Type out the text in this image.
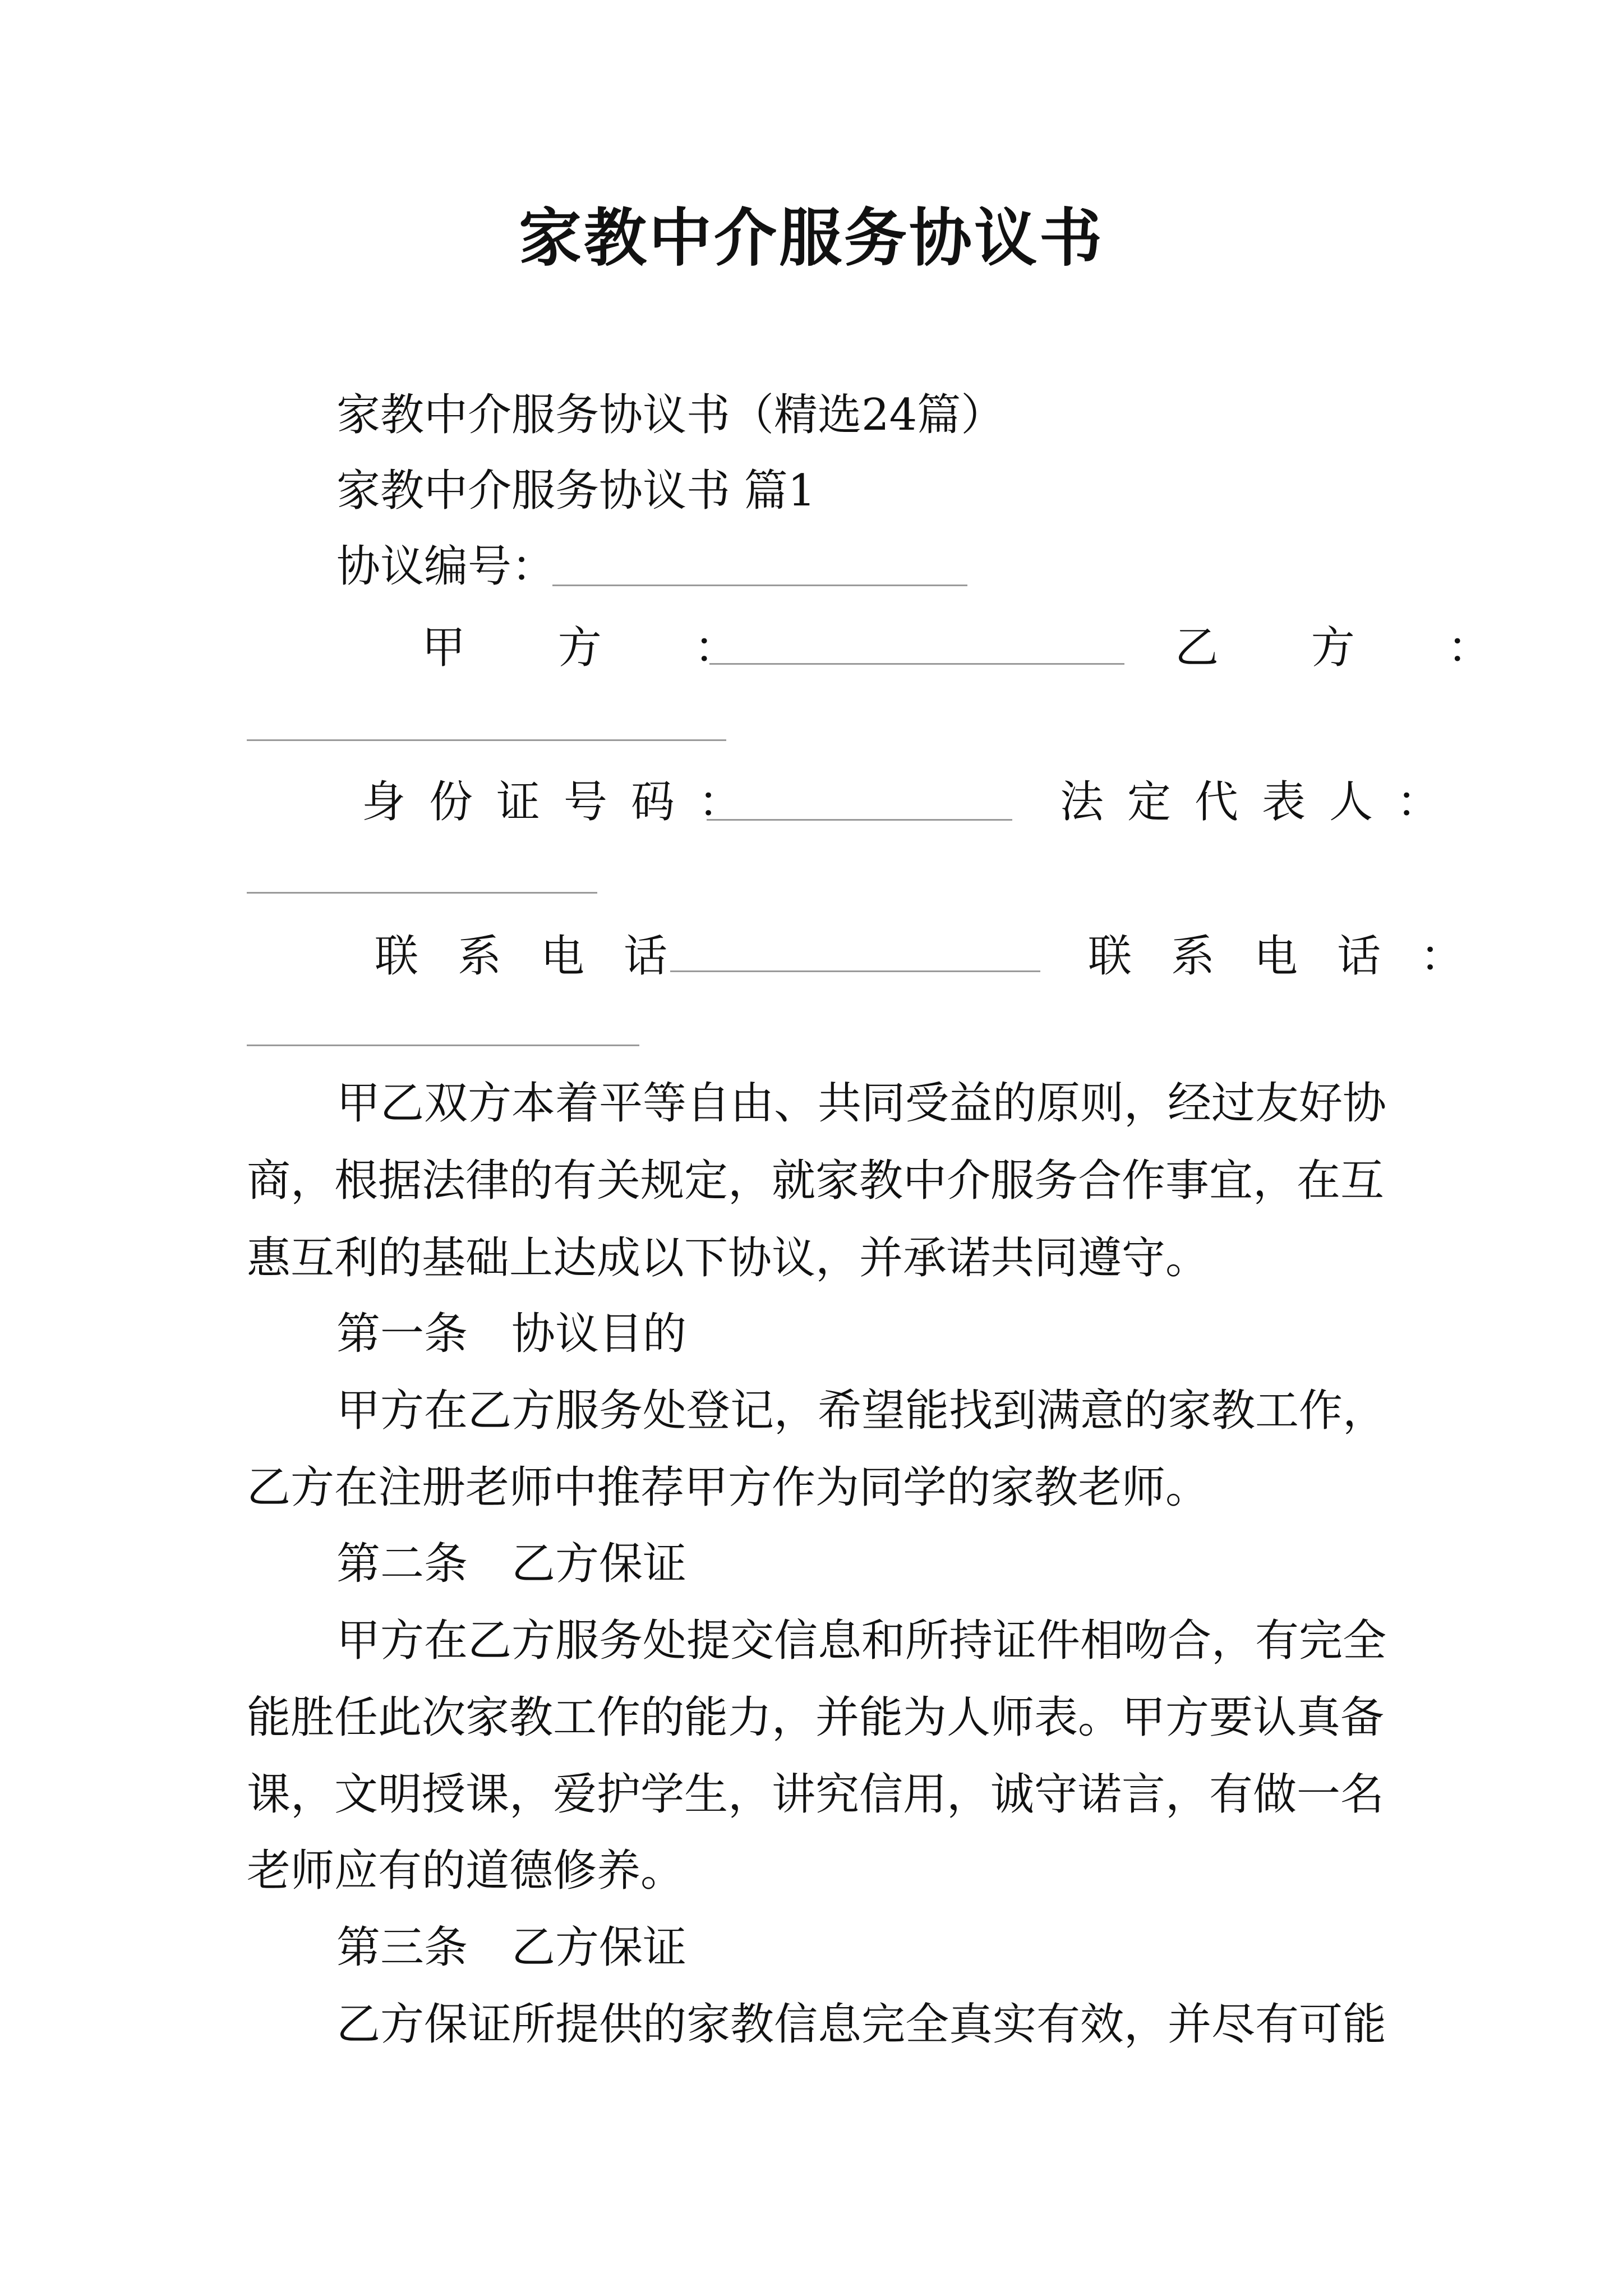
家教中介服务协议书
家教中介服务协议书（精选24篇）
家教中介服务协议书 篇1
协议编号：
甲 方 ：	乙 方 ：
身份证号码：	法定代表人：
联系电话	联系电话：
甲乙双方本着平等自由、共同受益的原则，经过友好协
商，根据法律的有关规定，就家教中介服务合作事宜，在互
惠互利的基础上达成以下协议，并承诺共同遵守。
第一条　协议目的
甲方在乙方服务处登记，希望能找到满意的家教工作，
乙方在注册老师中推荐甲方作为同学的家教老师。
第二条　乙方保证
甲方在乙方服务处提交信息和所持证件相吻合，有完全
能胜任此次家教工作的能力，并能为人师表。甲方要认真备
课，文明授课，爱护学生，讲究信用，诚守诺言，有做一名
老师应有的道德修养。
第三条　乙方保证
乙方保证所提供的家教信息完全真实有效，并尽有可能
